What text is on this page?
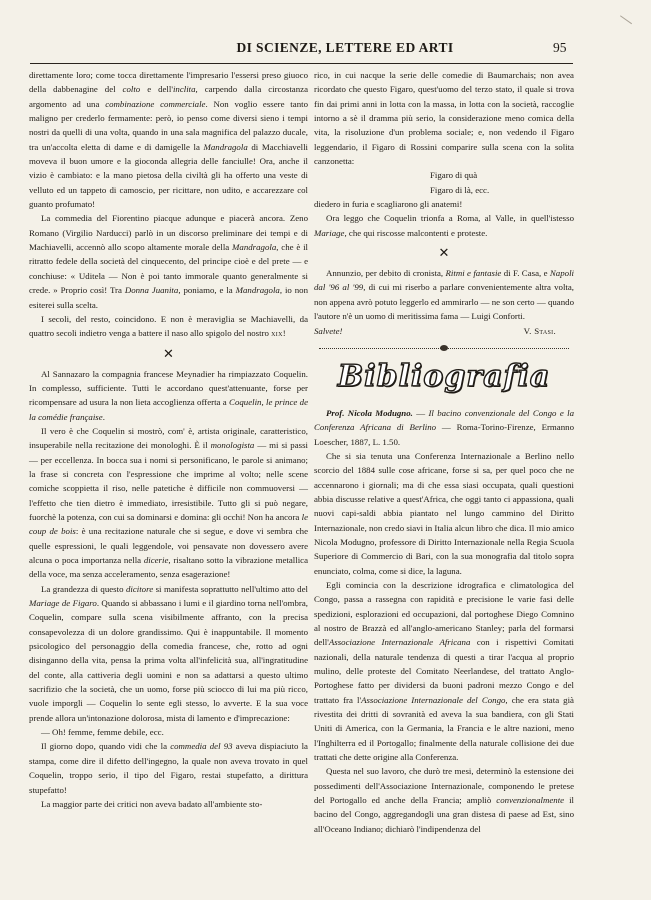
DI SCIENZE, LETTERE ED ARTI	95

direttamente loro; come tocca direttamente l'impresario l'essersi preso giuoco della dabbenagine del colto e dell'inclita, carpendo dalla circostanza argomento ad una combinazione commerciale. Non voglio essere tanto maligno per crederlo fermamente: però, io penso come diversi sieno i tempi nostri da quelli di una volta, quando in una sala magnifica del palazzo ducale, tra un'accolta eletta di dame e di damigelle la Mandragola di Macchiavelli moveva il buon umore e la gioconda allegria delle fanciulle! Ora, anche il vizio è cambiato: e la mano pietosa della civiltà gli ha offerto una veste di velluto ed un tappeto di camoscio, per ricittare, non udito, e accarezzare col guanto profumato!

La commedia del Fiorentino piacque adunque e piacerà ancora. Zeno Romano (Virgilio Narducci) parlò in un discorso preliminare dei tempi e di Machiavelli, accennò allo scopo altamente morale della Mandragola, che è il ritratto fedele della società del cinquecento, del principe cioè e del prete — e conchiuse: « Uditela — Non è poi tanto immorale quanto generalmente si crede. » Proprio così! Tra Donna Juanita, poniamo, e la Mandragola, io non esiterei sulla scelta.

I secoli, del resto, coincidono. E non è meraviglia se Machiavelli, da quattro secoli indietro venga a battere il naso allo spigolo del nostro xix!

✕

Al Sannazaro la compagnia francese Meynadier ha rimpiazzato Coquelin. In complesso, sufficiente. Tutti le accordano quest'attenuante, forse per ricompensare ad usura la non lieta accoglienza offerta a Coquelin, le prince de la comédie française.

Il vero è che Coquelin si mostrò, com' è, artista originale, caratteristico, insuperabile nella recitazione dei monologhi. È il monologista — mi si passi — per eccellenza. In bocca sua i nomi si personificano, le parole si animano; la frase si concreta con l'espressione che imprime al volto; nelle scene comiche scoppietta il riso, nelle patetiche è difficile non commuoversi — l'effetto che tien dietro è immediato, irresistibile. Tutto gli si può negare, fuorchè la potenza, con cui sa dominarsi e domina: gli occhi! Non ha ancora le coup de bois: è una recitazione naturale che si segue, e dove vi sembra che quelle espressioni, le quali leggendole, voi pensavate non dovessero avere alcuna o poca importanza nella dicerie, risaltano sotto la vibrazione metallica della voce, ma senza acceleramento, senza esagerazione!

La grandezza di questo dicitore si manifesta soprattutto nell'ultimo atto del Mariage de Figaro. Quando si abbassano i lumi e il giardino torna nell'ombra, Coquelin, compare sulla scena visibilmente affranto, con la precisa consapevolezza di un dolore grandissimo. Qui è inappuntabile. Il momento psicologico del personaggio della comedia francese, che, rotto ad ogni disinganno della vita, pensa la prima volta all'infelicità sua, all'ingratitudine del conte, alla cattiveria degli uomini e non sa adattarsi a questo ultimo sacrifizio che la società, che un uomo, forse più scioccо di lui ma più ricco, vuole imporgli — Coquelin lo sente egli stesso, lo avverte. E la sua voce prende allora un'intonazione dolorosa, mista di lamento e d'imprecazione:

— Oh! femme, femme debile, ecc.

Il giorno dopo, quando vidi che la commedia del 93 aveva dispiaciuto la stampa, come dire il difetto dell'ingegno, la quale non aveva trovato in quel Coquelin, troppo serio, il tipo del Figaro, restai stupefatto, a dirittura stupefatto!

La maggior parte dei critici non aveva badato all'ambiente sto-

rico, in cui nacque la serie delle comedie di Baumarchais; non avea ricordato che questo Figaro, quest'uomo del terzo stato, il quale si trova fin dai primi anni in lotta con la massa, in lotta con la società, raccoglie intorno a sè il dramma più serio, la considerazione meno comica della vita, la risoluzione d'un problema sociale; e, non vedendo il Figaro leggendario, il Figaro di Rossini comparire sulla scena con la solita canzonetta:

Figaro di quà

Figaro di là, ecc.

diedero in furia e scagliarono gli anatemi!

Ora leggo che Coquelin trionfa a Roma, al Valle, in quell'istesso Mariage, che qui riscosse malcontenti e proteste.

✕

Annunzio, per debito di cronista, Ritmi e fantasie di F. Casa, e Napoli dal '96 al '99, di cui mi riserbo a parlare convenientemente altra volta, non appena avrò potuto leggerlo ed ammirarlo — ne son certo — quando l'autore n'è un uomo di meritissima fama — Luigi Conforti.

Salvete!	V. Stasi.
Bibliografia

Prof. Nicola Modugno. — Il bacino convenzionale del Congo e la Conferenza Africana di Berlino — Roma-Torino-Firenze, Ermanno Loescher, 1887, L. 1.50.

Che si sia tenuta una Conferenza Internazionale a Berlino nello scorcio del 1884 sulle cose africane, forse si sa, per quel poco che ne accennarono i giornali; ma di che essa siasi occupata, quali questioni abbia discusse relative a quest'Africa, che oggi tanto ci appassiona, quali nuovi capi-saldi abbia piantato nel lungo cammino del Diritto Internazionale, non credo siavi in Italia alcun libro che dica. Il mio amico Nicola Modugno, professore di Diritto Internazionale nella Regia Scuola Superiore di Commercio di Bari, con la sua monografia dal titolo sopra enunciato, colma, come si dice, la laguna.

Egli comincia con la descrizione idrografica e climatologica del Congo, passa a rassegna con rapidità e precisione le varie fasi delle spedizioni, esplorazioni ed occupazioni, dal portoghese Diego Comnino al nostro de Brazzà ed all'anglo-americano Stanley; parla del formarsi dell'Associazione Internazionale Africana con i rispettivi Comitati nazionali, della naturale tendenza di questi a tirar l'acqua al proprio mulino, delle proteste del Comitato Neerlandese, del trattato Anglo-Portoghese fatto per dividersi da buoni padroni mezzo Congo e del trattato fra l'Associazione Internazionale del Congo, che era stata già rivestita dei dritti di sovranità ed aveva la sua bandiera, con gli Stati Uniti di America, con la Germania, la Francia e le altre nazioni, meno l'Inghilterra ed il Portogallo; finalmente della naturale collisione dei due trattati che dette origine alla Conferenza.

Questa nel suo lavoro, che durò tre mesi, determinò la estensione dei possedimenti dell'Associazione Internazionale, componendo le pretese del Portogallo ed anche della Francia; ampliò convenzionalmente il bacino del Congo, aggregandogli una gran distesa di paese ad Est, sino all'Oceano Indiano; dichiarò l'indipendenza del
